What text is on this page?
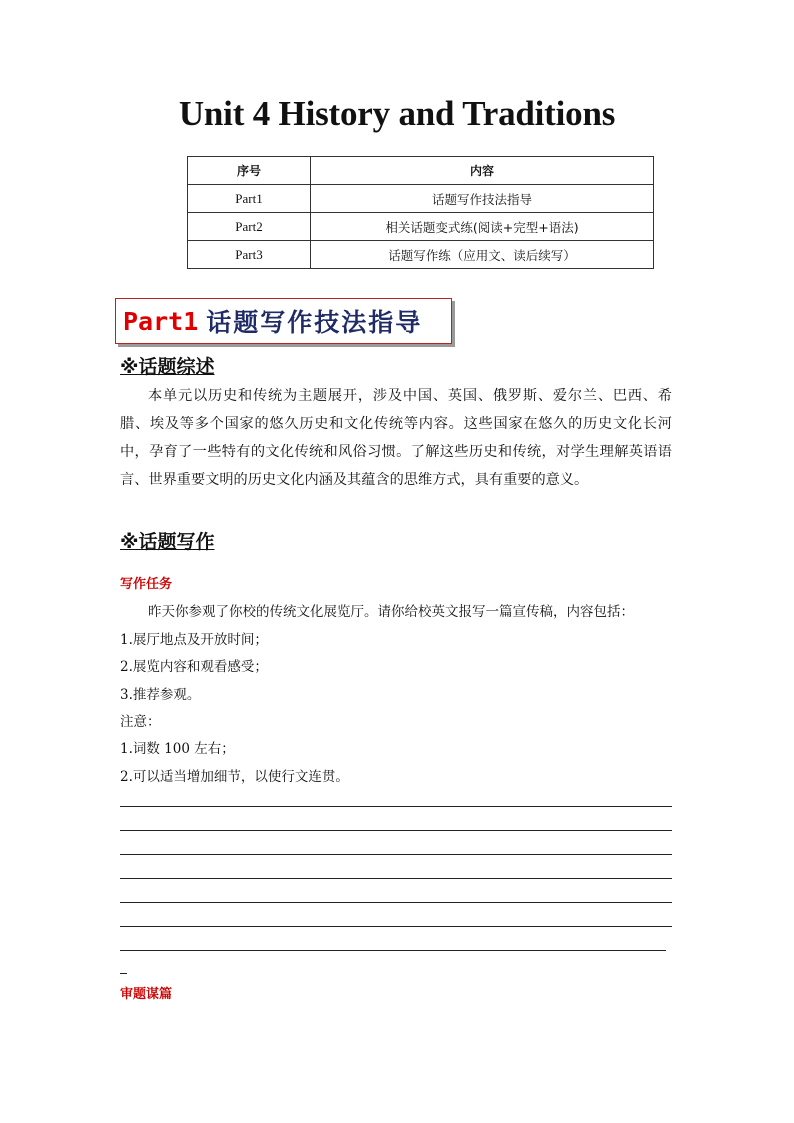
Unit 4 History and Traditions
序号	内容
Part1	话题写作技法指导
Part2	相关话题变式练(阅读+完型+语法)
Part3	话题写作练（应用文、读后续写）
Part1 话题写作技法指导
※话题综述

本单元以历史和传统为主题展开，涉及中国、英国、俄罗斯、爱尔兰、巴西、希腊、埃及等多个国家的悠久历史和文化传统等内容。这些国家在悠久的历史文化长河中，孕育了一些特有的文化传统和风俗习惯。了解这些历史和传统，对学生理解英语语言、世界重要文明的历史文化内涵及其蕴含的思维方式，具有重要的意义。

※话题写作

写作任务

昨天你参观了你校的传统文化展览厅。请你给校英文报写一篇宣传稿，内容包括：

1.展厅地点及开放时间；

2.展览内容和观看感受；

3.推荐参观。

注意：

1.词数 100 左右；

2.可以适当增加细节，以使行文连贯。

审题谋篇
